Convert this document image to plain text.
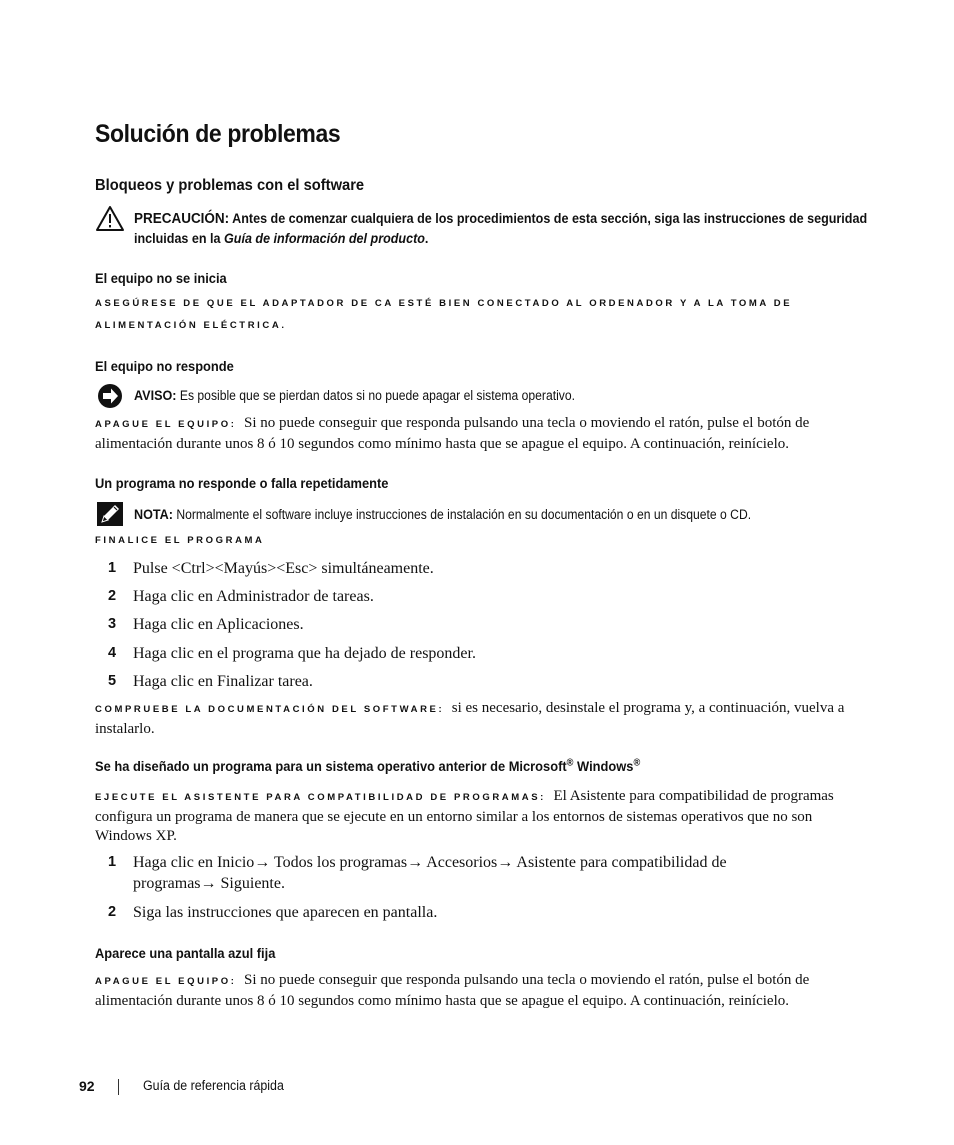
Solución de problemas
Bloqueos y problemas con el software
PRECAUCIÓN: Antes de comenzar cualquiera de los procedimientos de esta sección, siga las instrucciones de seguridad incluidas en la Guía de información del producto.
El equipo no se inicia
ASEGÚRESE DE QUE EL ADAPTADOR DE CA ESTÉ BIEN CONECTADO AL ORDENADOR Y A LA TOMA DE
ALIMENTACIÓN ELÉCTRICA.
El equipo no responde
AVISO: Es posible que se pierdan datos si no puede apagar el sistema operativo.
APAGUE EL EQUIPO: Si no puede conseguir que responda pulsando una tecla o moviendo el ratón, pulse el botón de alimentación durante unos 8 ó 10 segundos como mínimo hasta que se apague el equipo. A continuación, reinícielo.
Un programa no responde o falla repetidamente
NOTA: Normalmente el software incluye instrucciones de instalación en su documentación o en un disquete o CD.
FINALICE EL PROGRAMA
1	Pulse <Ctrl><Mayús><Esc> simultáneamente.
2	Haga clic en Administrador de tareas.
3	Haga clic en Aplicaciones.
4	Haga clic en el programa que ha dejado de responder.
5	Haga clic en Finalizar tarea.
COMPRUEBE LA DOCUMENTACIÓN DEL SOFTWARE: si es necesario, desinstale el programa y, a continuación, vuelva a instalarlo.
Se ha diseñado un programa para un sistema operativo anterior de Microsoft® Windows®
EJECUTE EL ASISTENTE PARA COMPATIBILIDAD DE PROGRAMAS: El Asistente para compatibilidad de programas configura un programa de manera que se ejecute en un entorno similar a los entornos de sistemas operativos que no son Windows XP.
1	Haga clic en Inicio→ Todos los programas→ Accesorios→ Asistente para compatibilidad de programas→ Siguiente.
2	Siga las instrucciones que aparecen en pantalla.
Aparece una pantalla azul fija
APAGUE EL EQUIPO: Si no puede conseguir que responda pulsando una tecla o moviendo el ratón, pulse el botón de alimentación durante unos 8 ó 10 segundos como mínimo hasta que se apague el equipo. A continuación, reinícielo.
92	Guía de referencia rápida
